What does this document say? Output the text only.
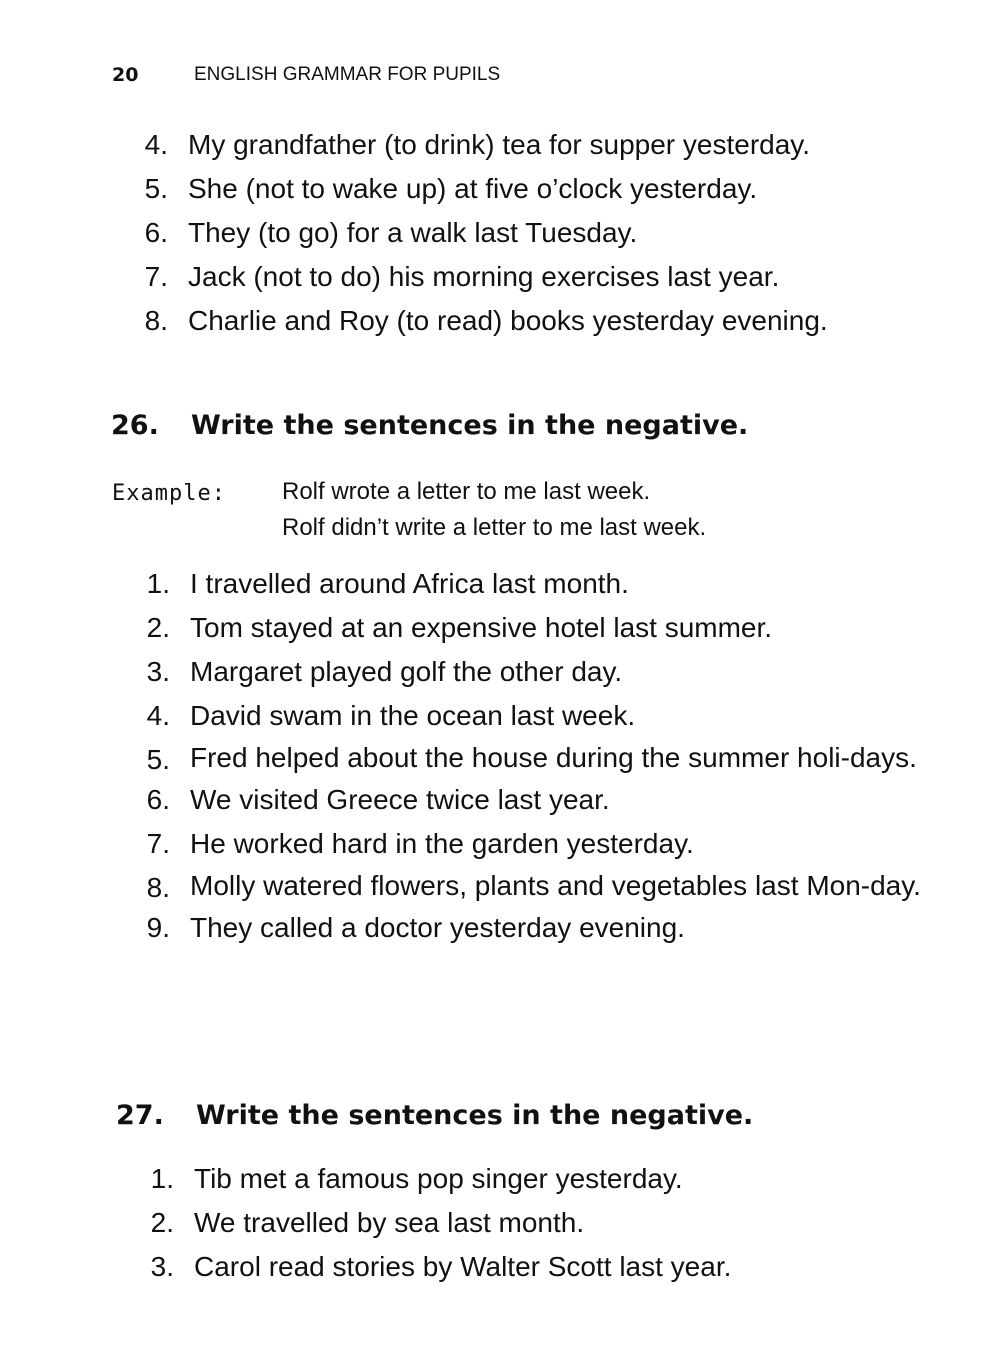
20	ENGLISH GRAMMAR FOR PUPILS
4. My grandfather (to drink) tea for supper yesterday.
5. She (not to wake up) at five o’clock yesterday.
6. They (to go) for a walk last Tuesday.
7. Jack (not to do) his morning exercises last year.
8. Charlie and Roy (to read) books yesterday evening.
26. Write the sentences in the negative.
Example: Rolf wrote a letter to me last week.
Rolf didn’t write a letter to me last week.
1. I travelled around Africa last month.
2. Tom stayed at an expensive hotel last summer.
3. Margaret played golf the other day.
4. David swam in the ocean last week.
5. Fred helped about the house during the summer holi-days.
6. We visited Greece twice last year.
7. He worked hard in the garden yesterday.
8. Molly watered flowers, plants and vegetables last Mon-day.
9. They called a doctor yesterday evening.
27. Write the sentences in the negative.
1. Tib met a famous pop singer yesterday.
2. We travelled by sea last month.
3. Carol read stories by Walter Scott last year.
